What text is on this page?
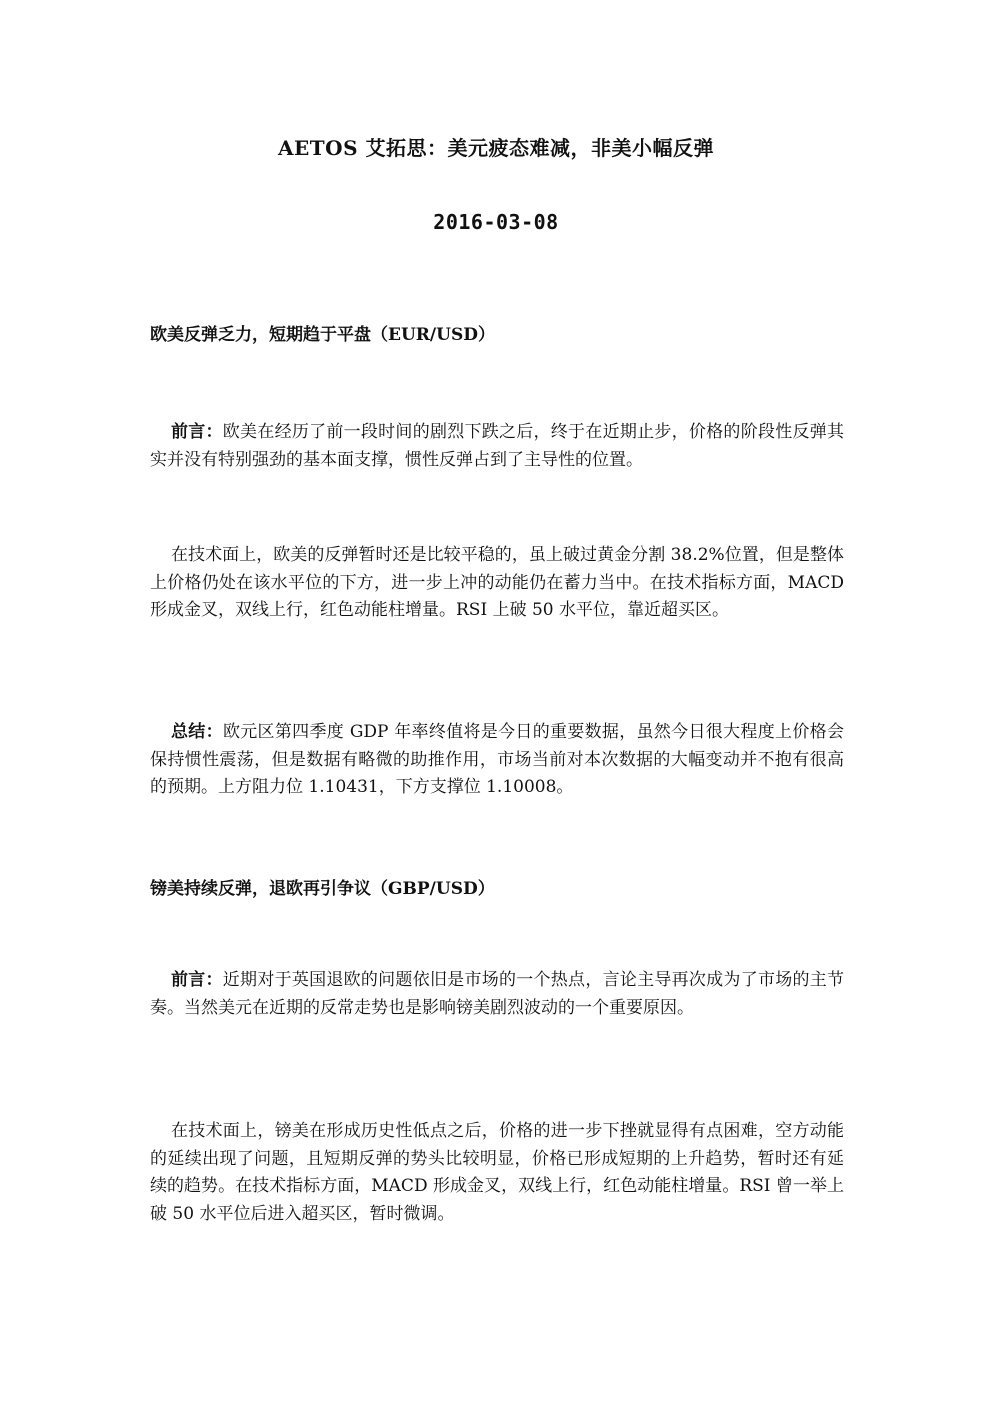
AETOS 艾拓思：美元疲态难减，非美小幅反弹
2016-03-08
欧美反弹乏力，短期趋于平盘（EUR/USD）
前言：欧美在经历了前一段时间的剧烈下跌之后，终于在近期止步，价格的阶段性反弹其实并没有特别强劲的基本面支撑，惯性反弹占到了主导性的位置。
在技术面上，欧美的反弹暂时还是比较平稳的，虽上破过黄金分割 38.2%位置，但是整体上价格仍处在该水平位的下方，进一步上冲的动能仍在蓄力当中。在技术指标方面，MACD 形成金叉，双线上行，红色动能柱增量。RSI 上破 50 水平位，靠近超买区。
总结：欧元区第四季度 GDP 年率终值将是今日的重要数据，虽然今日很大程度上价格会保持惯性震荡，但是数据有略微的助推作用，市场当前对本次数据的大幅变动并不抱有很高的预期。上方阻力位 1.10431，下方支撑位 1.10008。
镑美持续反弹，退欧再引争议（GBP/USD）
前言：近期对于英国退欧的问题依旧是市场的一个热点，言论主导再次成为了市场的主节奏。当然美元在近期的反常走势也是影响镑美剧烈波动的一个重要原因。
在技术面上，镑美在形成历史性低点之后，价格的进一步下挫就显得有点困难，空方动能的延续出现了问题，且短期反弹的势头比较明显，价格已形成短期的上升趋势，暂时还有延续的趋势。在技术指标方面，MACD 形成金叉，双线上行，红色动能柱增量。RSI 曾一举上破 50 水平位后进入超买区，暂时微调。
